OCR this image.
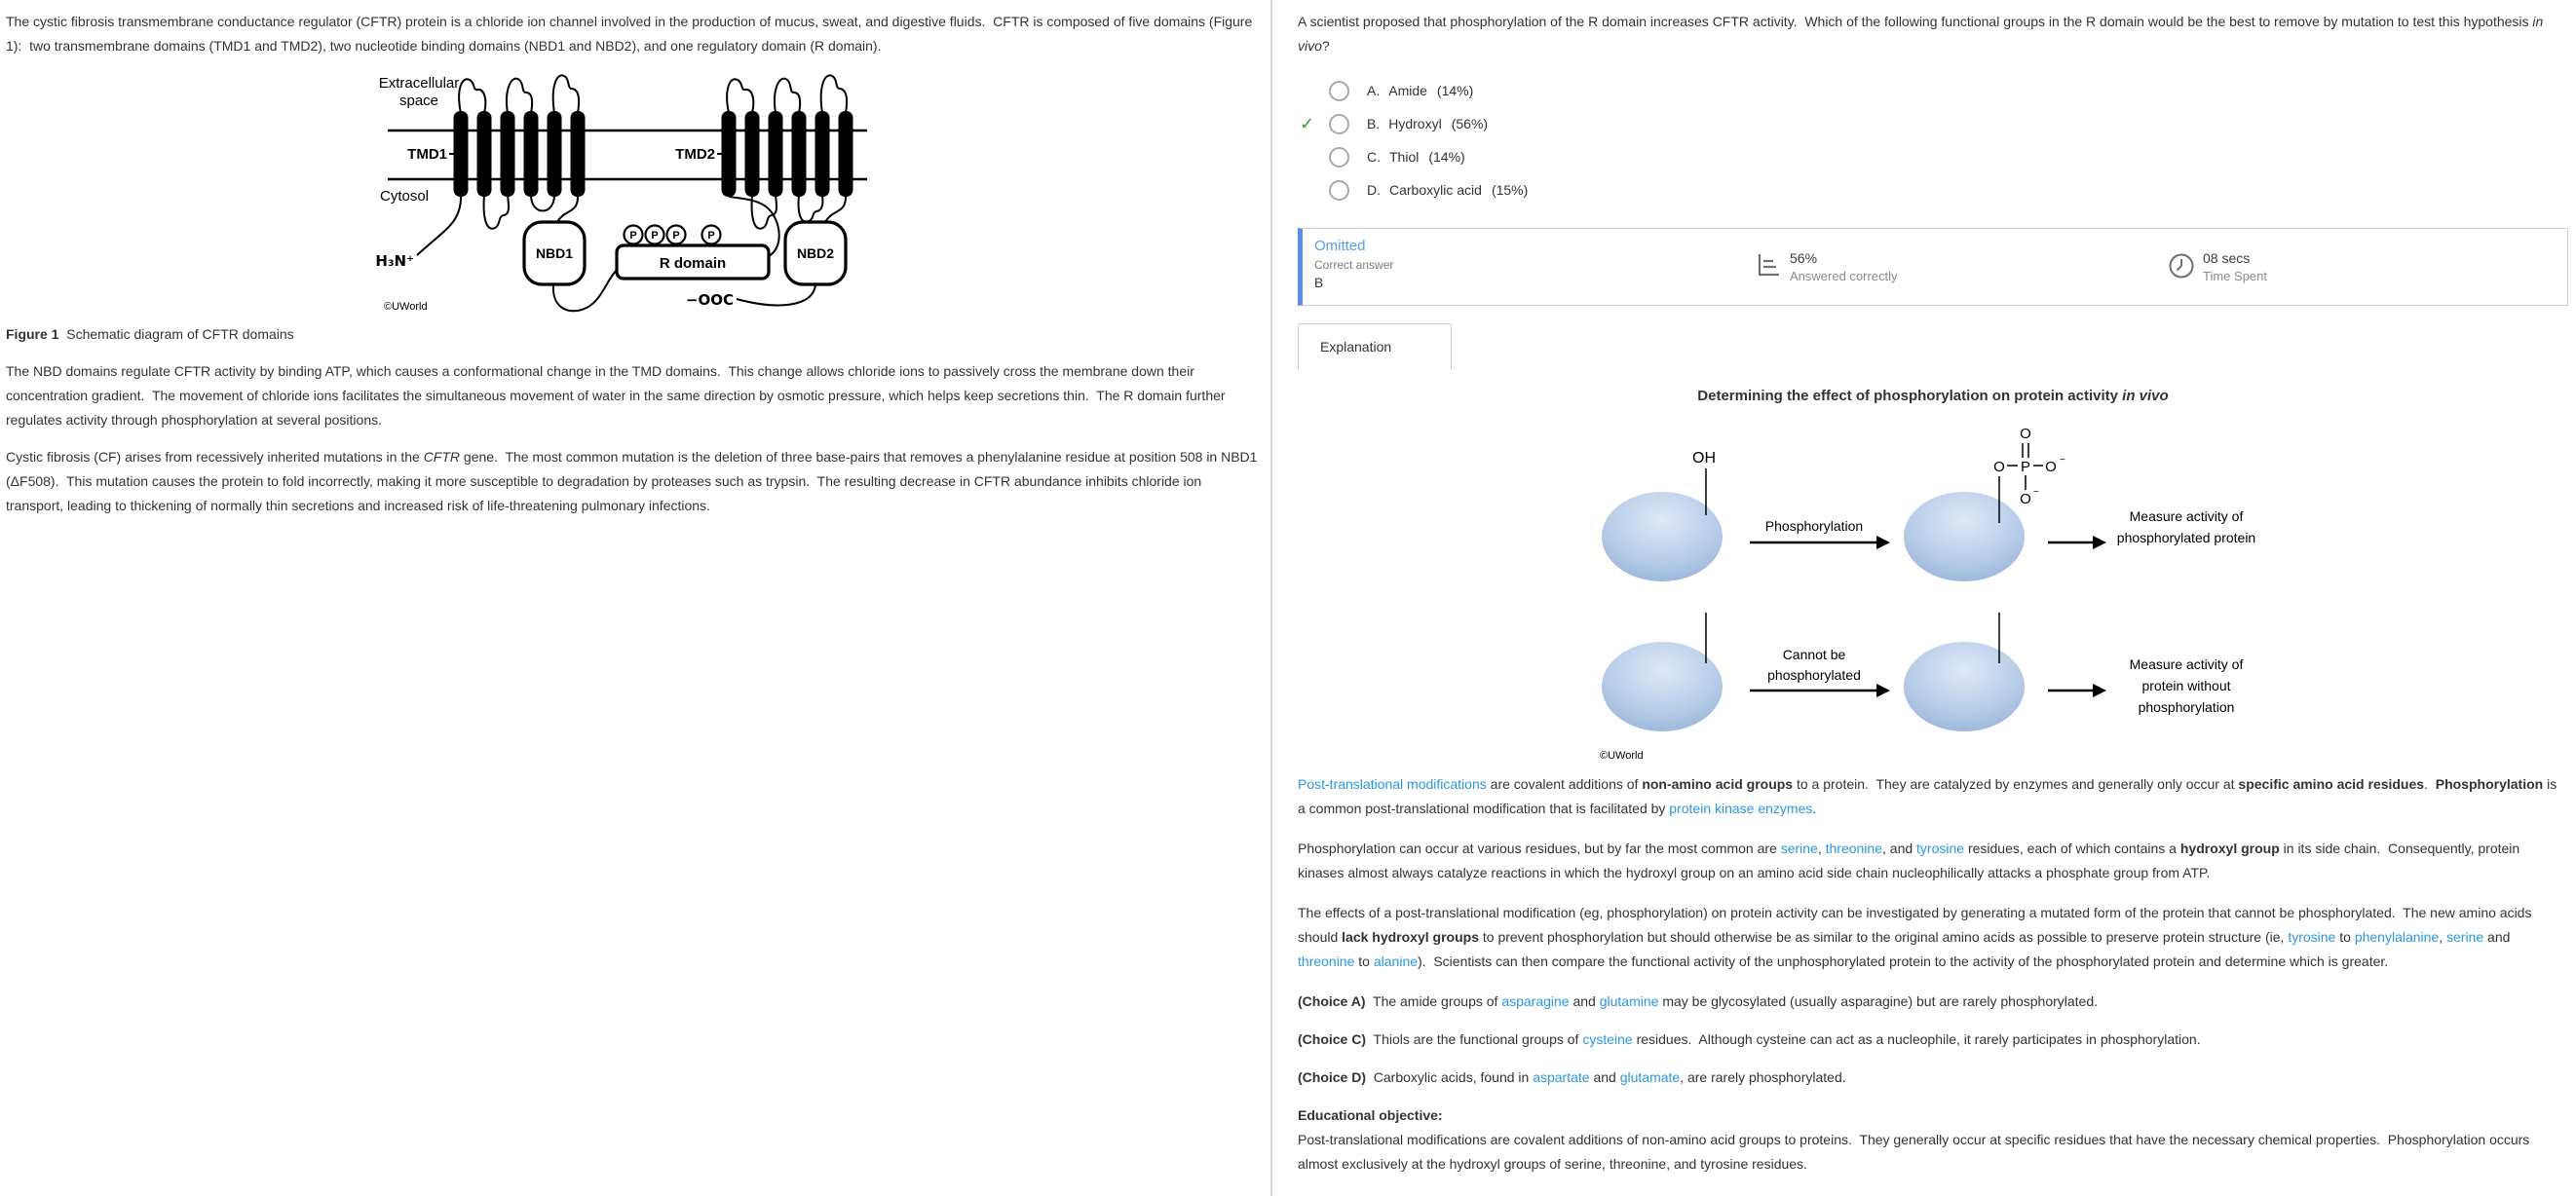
The cystic fibrosis transmembrane conductance regulator (CFTR) protein is a chloride ion channel involved in the production of mucus, sweat, and digestive fluids.  CFTR is composed of five domains (Figure 1):  two transmembrane domains (TMD1 and TMD2), two nucleotide binding domains (NBD1 and NBD2), and one regulatory domain (R domain).
P P P	P
Extracellular
space
TMD1	TMD2
Cytosol
H₃N⁺
−OOC
NBD1	NBD2
R domain
©UWorld
Figure 1  Schematic diagram of CFTR domains
The NBD domains regulate CFTR activity by binding ATP, which causes a conformational change in the TMD domains.  This change allows chloride ions to passively cross the membrane down their concentration gradient.  The movement of chloride ions facilitates the simultaneous movement of water in the same direction by osmotic pressure, which helps keep secretions thin.  The R domain further regulates activity through phosphorylation at several positions.
Cystic fibrosis (CF) arises from recessively inherited mutations in the CFTR gene.  The most common mutation is the deletion of three base-pairs that removes a phenylalanine residue at position 508 in NBD1 (ΔF508).  This mutation causes the protein to fold incorrectly, making it more susceptible to degradation by proteases such as trypsin.  The resulting decrease in CFTR abundance inhibits chloride ion transport, leading to thickening of normally thin secretions and increased risk of life-threatening pulmonary infections.
A scientist proposed that phosphorylation of the R domain increases CFTR activity.  Which of the following functional groups in the R domain would be the best to remove by mutation to test this hypothesis in vivo?
A. Amide (14%)
✓	B. Hydroxyl (56%)
C. Thiol (14%)
D. Carboxylic acid (15%)
Omitted
Correct answer
B
56%
Answered correctly
08 secs
Time Spent
Explanation
Determining the effect of phosphorylation on protein activity in vivo
OH
Phosphorylation
O P O −
O
O −
Measure activity of
phosphorylated protein
Cannot be
phosphorylated
Measure activity of
protein without
phosphorylation
©UWorld
Post-translational modifications are covalent additions of non-amino acid groups to a protein.  They are catalyzed by enzymes and generally only occur at specific amino acid residues.  Phosphorylation is a common post-translational modification that is facilitated by protein kinase enzymes.
Phosphorylation can occur at various residues, but by far the most common are serine, threonine, and tyrosine residues, each of which contains a hydroxyl group in its side chain.  Consequently, protein kinases almost always catalyze reactions in which the hydroxyl group on an amino acid side chain nucleophilically attacks a phosphate group from ATP.
The effects of a post-translational modification (eg, phosphorylation) on protein activity can be investigated by generating a mutated form of the protein that cannot be phosphorylated.  The new amino acids should lack hydroxyl groups to prevent phosphorylation but should otherwise be as similar to the original amino acids as possible to preserve protein structure (ie, tyrosine to phenylalanine, serine and threonine to alanine).  Scientists can then compare the functional activity of the unphosphorylated protein to the activity of the phosphorylated protein and determine which is greater.
(Choice A)  The amide groups of asparagine and glutamine may be glycosylated (usually asparagine) but are rarely phosphorylated.
(Choice C)  Thiols are the functional groups of cysteine residues.  Although cysteine can act as a nucleophile, it rarely participates in phosphorylation.
(Choice D)  Carboxylic acids, found in aspartate and glutamate, are rarely phosphorylated.
Educational objective:
Post-translational modifications are covalent additions of non-amino acid groups to proteins.  They generally occur at specific residues that have the necessary chemical properties.  Phosphorylation occurs almost exclusively at the hydroxyl groups of serine, threonine, and tyrosine residues.
